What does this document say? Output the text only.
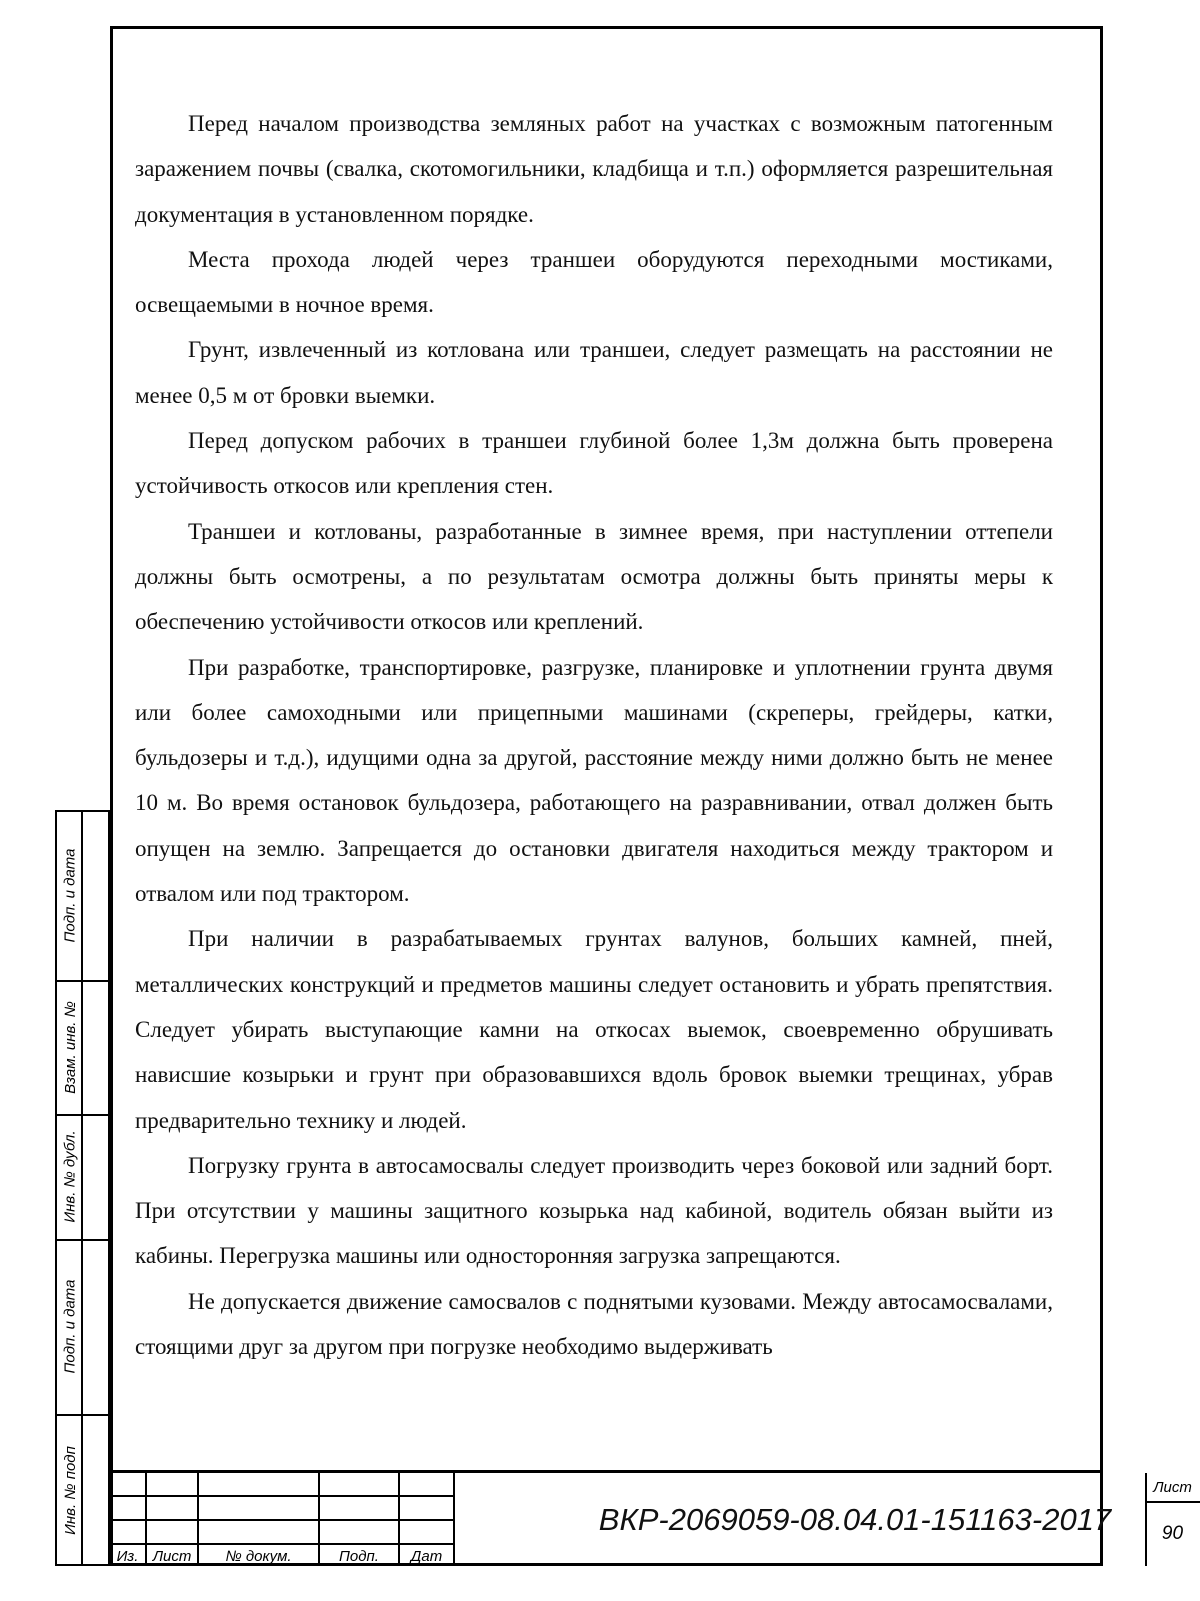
Перед началом производства земляных работ на участках с возможным патогенным заражением почвы (свалка, скотомогильники, кладбища и т.п.) оформляется разрешительная документация в установленном порядке.

Места прохода людей через траншеи оборудуются переходными мостиками, освещаемыми в ночное время.

Грунт, извлеченный из котлована или траншеи, следует размещать на расстоянии не менее 0,5 м от бровки выемки.

Перед допуском рабочих в траншеи глубиной более 1,3м должна быть проверена устойчивость откосов или крепления стен.

Траншеи и котлованы, разработанные в зимнее время, при наступлении оттепели должны быть осмотрены, а по результатам осмотра должны быть приняты меры к обеспечению устойчивости откосов или креплений.

При разработке, транспортировке, разгрузке, планировке и уплотнении грунта двумя или более самоходными или прицепными машинами (скреперы, грейдеры, катки, бульдозеры и т.д.), идущими одна за другой, расстояние между ними должно быть не менее 10 м. Во время остановок бульдозера, работающего на разравнивании, отвал должен быть опущен на землю. Запрещается до остановки двигателя находиться между трактором и отвалом или под трактором.

При наличии в разрабатываемых грунтах валунов, больших камней, пней, металлических конструкций и предметов машины следует остановить и убрать препятствия. Следует убирать выступающие камни на откосах выемок, своевременно обрушивать нависшие козырьки и грунт при образовавшихся вдоль бровок выемки трещинах, убрав предварительно технику и людей.

Погрузку грунта в автосамосвалы следует производить через боковой или задний борт. При отсутствии у машины защитного козырька над кабиной, водитель обязан выйти из кабины. Перегрузка машины или односторонняя загрузка запрещаются.

Не допускается движение самосвалов с поднятыми кузовами. Между автосамосвалами, стоящими друг за другом при погрузке необходимо выдерживать

Подп. и дата
Взам. инв. №
Инв. № дубл.
Подп. и дата
Инв. № подп
Из. Лист	№ докум.	Подп.	Дат
ВКР-2069059-08.04.01-151163-2017
Лист
90
